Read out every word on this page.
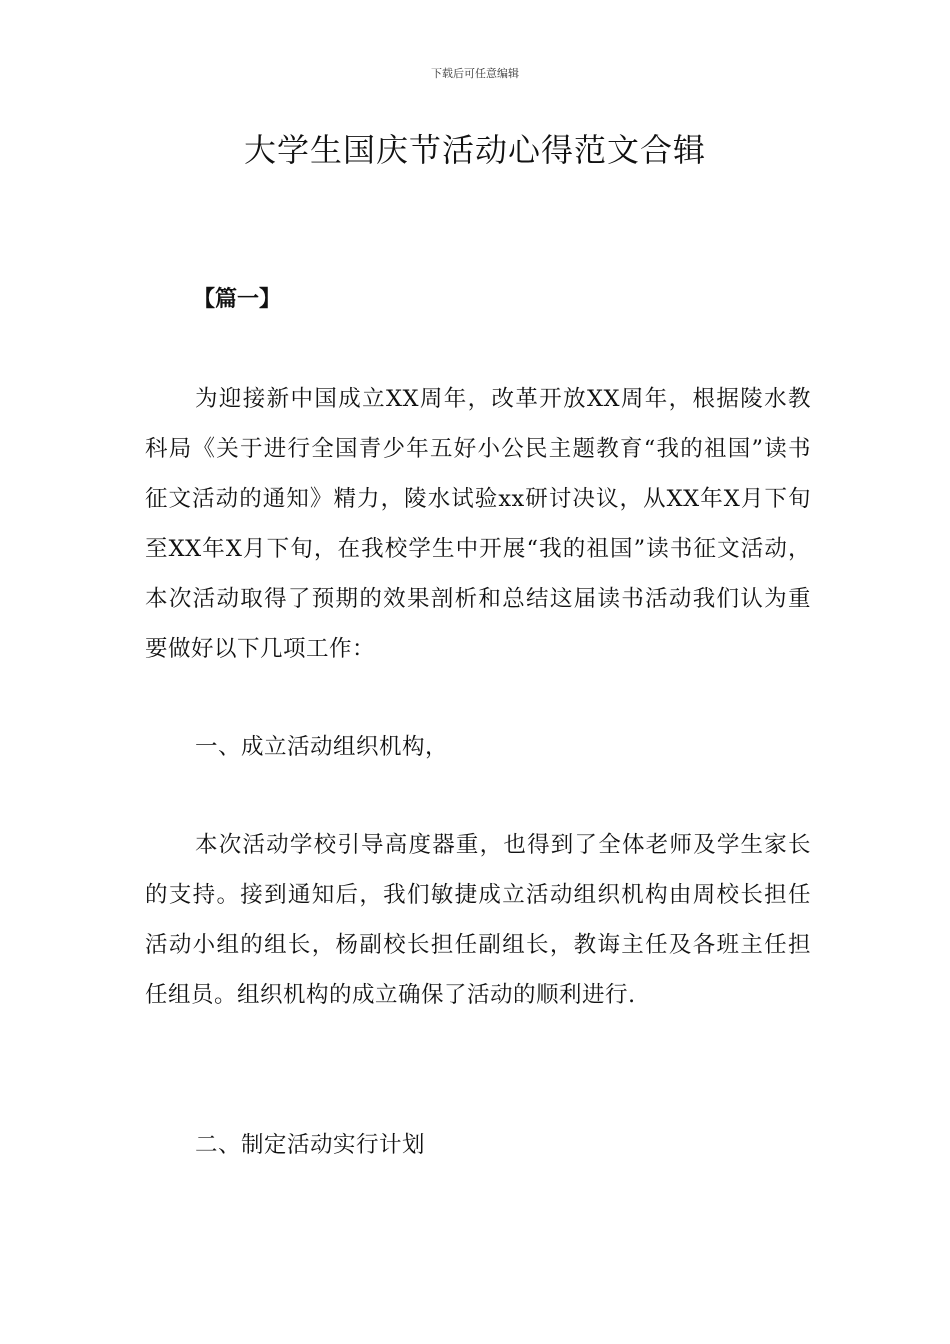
下载后可任意编辑
大学生国庆节活动心得范文合辑
【篇一】

为迎接新中国成立XX周年，改革开放XX周年，根据陵水教科局《关于进行全国青少年五好小公民主题教育“我的祖国”读书征文活动的通知》精力，陵水试验xx研讨决议，从XX年X月下旬至XX年X月下旬，在我校学生中开展“我的祖国”读书征文活动，本次活动取得了预期的效果剖析和总结这届读书活动我们认为重要做好以下几项工作：

一、成立活动组织机构，

本次活动学校引导高度器重，也得到了全体老师及学生家长的支持。接到通知后，我们敏捷成立活动组织机构由周校长担任活动小组的组长，杨副校长担任副组长，教诲主任及各班主任担任组员。组织机构的成立确保了活动的顺利进行.

二、制定活动实行计划
